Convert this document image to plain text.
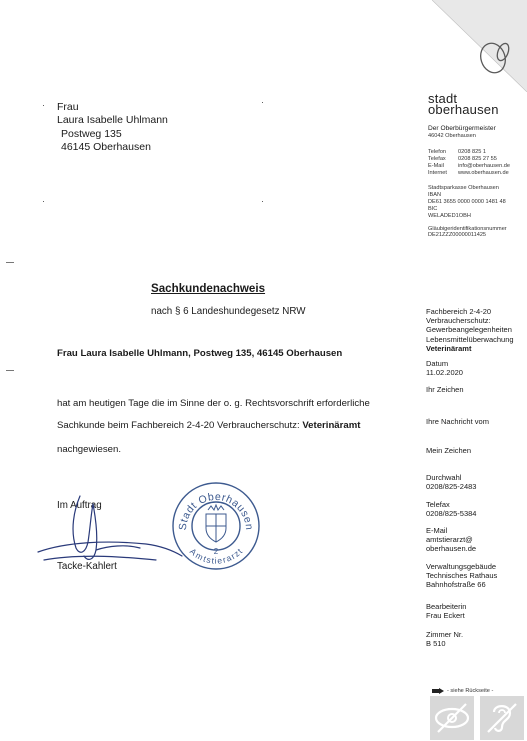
Frau
Laura Isabelle Uhlmann
Postweg 135
46145 Oberhausen
·	·
·	·
stadt
oberhausen
Der Oberbürgermeister
46042 Oberhausen
Telefon	0208 825 1
Telefax	0208 825 27 55
E-Mail	info@oberhausen.de
Internet	www.oberhausen.de
Stadtsparkasse Oberhausen
IBAN
DE61 3655 0000 0000 1481 48
BIC
WELADED1OBH
Gläubigeridentifikationsnummer
DE21ZZZ00000011425
Sachkundenachweis
nach § 6 Landeshundegesetz NRW
Frau Laura Isabelle Uhlmann, Postweg 135, 46145 Oberhausen
hat am heutigen Tage die im Sinne der o. g. Rechtsvorschrift erforderliche
Sachkunde beim Fachbereich 2-4-20 Verbraucherschutz: Veterinäramt
nachgewiesen.
Im Auftrag
Tacke-Kahlert
Stadt Oberhausen
Amtstierarzt
2
Fachbereich 2-4-20
Verbraucherschutz:
Gewerbeangelegenheiten
Lebensmittelüberwachung
Veterinäramt
Datum
11.02.2020
Ihr Zeichen
Ihre Nachricht vom
Mein Zeichen
Durchwahl
0208/825-2483
Telefax
0208/825-5384
E-Mail
amtstierarzt@
oberhausen.de
Verwaltungsgebäude
Technisches Rathaus
Bahnhofstraße 66
Bearbeiterin
Frau Eckert
Zimmer Nr.
B 510
- siehe Rückseite -
